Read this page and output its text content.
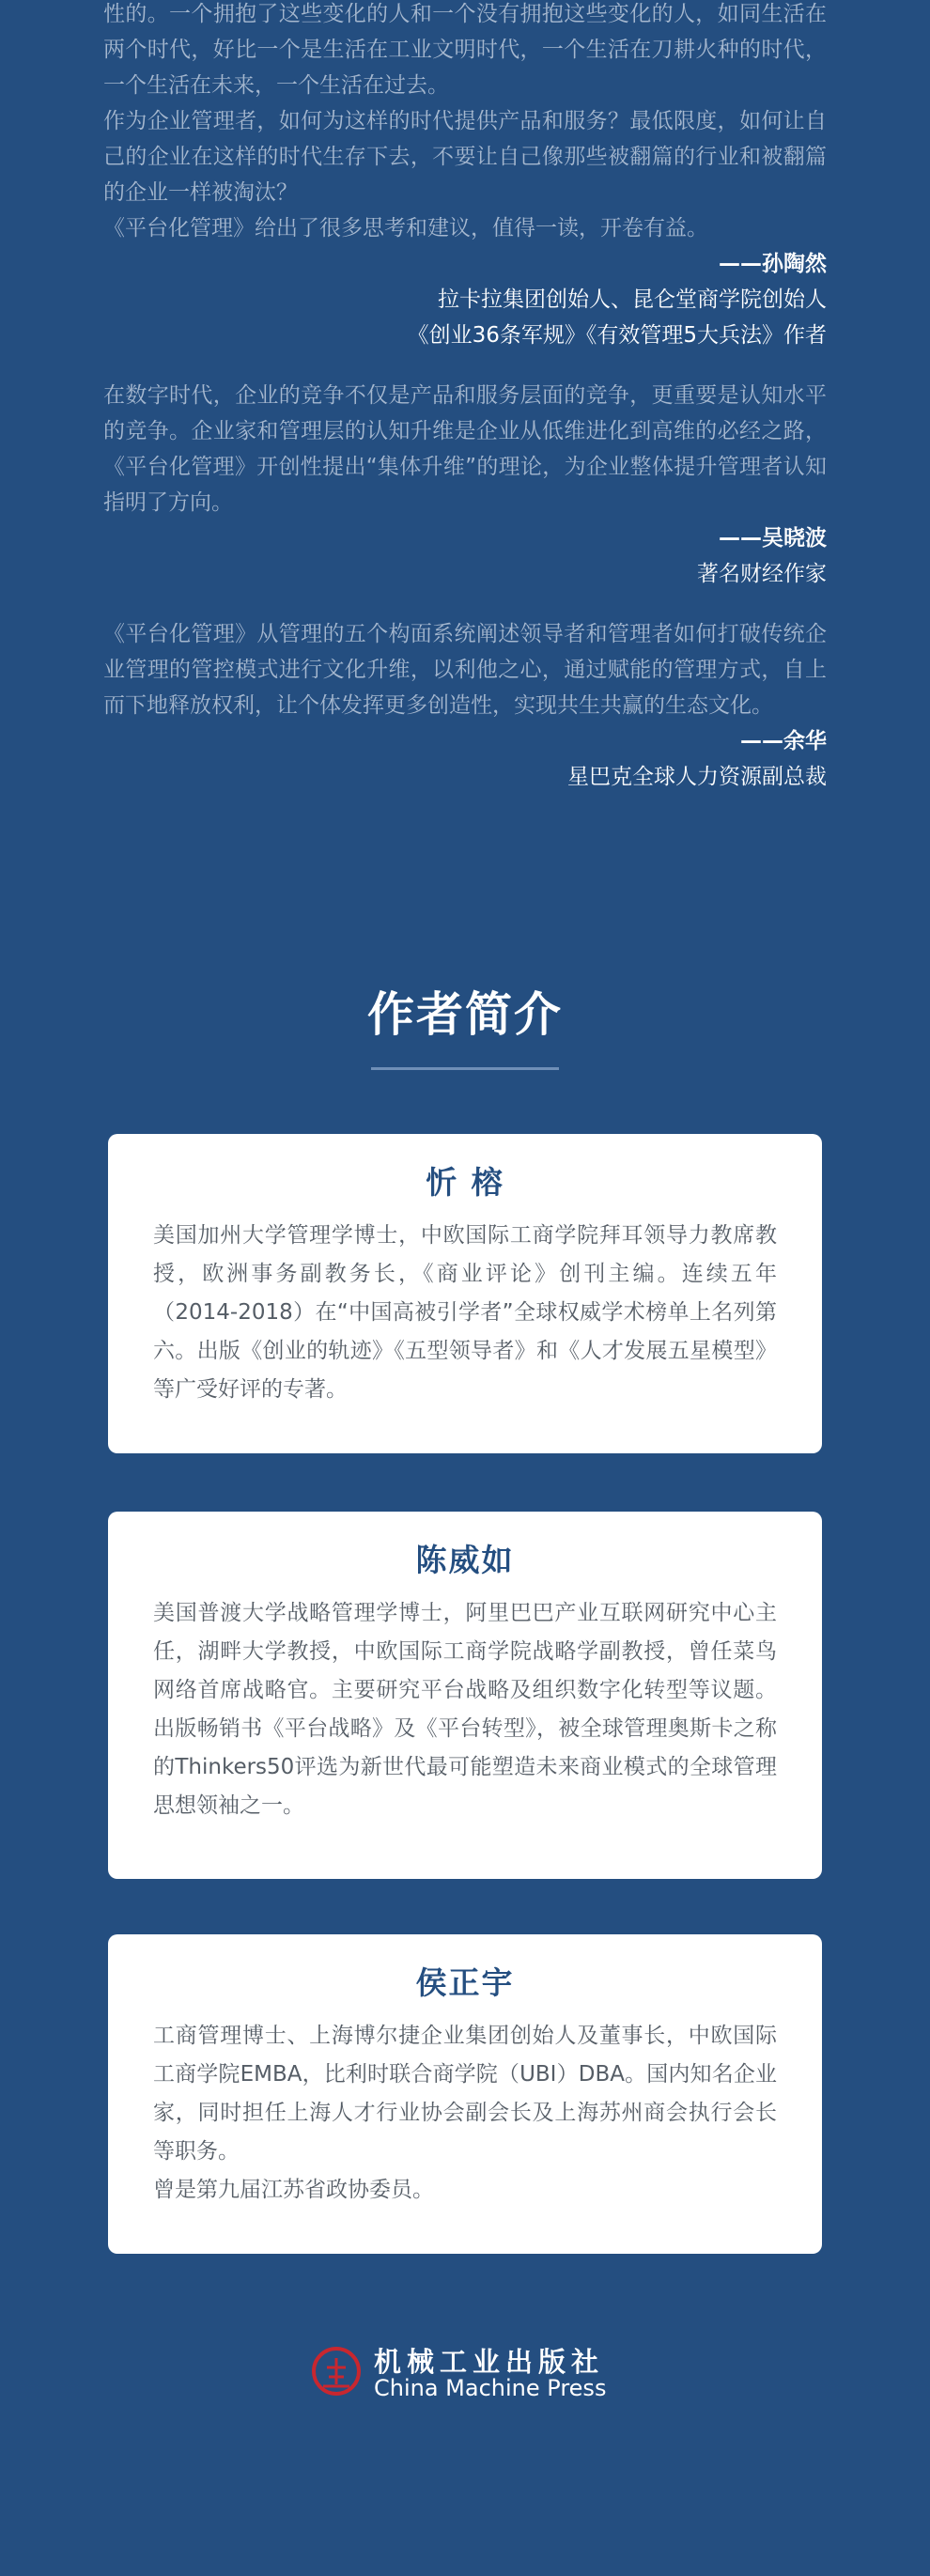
性的。一个拥抱了这些变化的人和一个没有拥抱这些变化的人，如同生活在两个时代，好比一个是生活在工业文明时代，一个生活在刀耕火种的时代，一个生活在未来，一个生活在过去。

作为企业管理者，如何为这样的时代提供产品和服务？最低限度，如何让自己的企业在这样的时代生存下去，不要让自己像那些被翻篇的行业和被翻篇的企业一样被淘汰？

《平台化管理》给出了很多思考和建议，值得一读，开卷有益。

——孙陶然
拉卡拉集团创始人、昆仑堂商学院创始人
《创业36条军规》《有效管理5大兵法》作者

在数字时代，企业的竞争不仅是产品和服务层面的竞争，更重要是认知水平的竞争。企业家和管理层的认知升维是企业从低维进化到高维的必经之路，《平台化管理》开创性提出“集体升维”的理论，为企业整体提升管理者认知指明了方向。

——吴晓波
著名财经作家

《平台化管理》从管理的五个构面系统阐述领导者和管理者如何打破传统企业管理的管控模式进行文化升维，以利他之心，通过赋能的管理方式，自上而下地释放权利，让个体发挥更多创造性，实现共生共赢的生态文化。

——余华
星巴克全球人力资源副总裁
作者简介
忻 榕

美国加州大学管理学博士，中欧国际工商学院拜耳领导力教席教授，欧洲事务副教务长，《商业评论》创刊主编。连续五年（2014-2018）在“中国高被引学者”全球权威学术榜单上名列第六。出版《创业的轨迹》《五型领导者》和《人才发展五星模型》等广受好评的专著。

陈威如

美国普渡大学战略管理学博士，阿里巴巴产业互联网研究中心主任，湖畔大学教授，中欧国际工商学院战略学副教授，曾任菜鸟网络首席战略官。主要研究平台战略及组织数字化转型等议题。出版畅销书《平台战略》及《平台转型》，被全球管理奥斯卡之称的Thinkers50评选为新世代最可能塑造未来商业模式的全球管理思想领袖之一。

侯正宇

工商管理博士、上海博尔捷企业集团创始人及董事长，中欧国际工商学院EMBA，比利时联合商学院（UBI）DBA。国内知名企业家，同时担任上海人才行业协会副会长及上海苏州商会执行会长等职务。

曾是第九届江苏省政协委员。

机械工业出版社
China Machine Press
